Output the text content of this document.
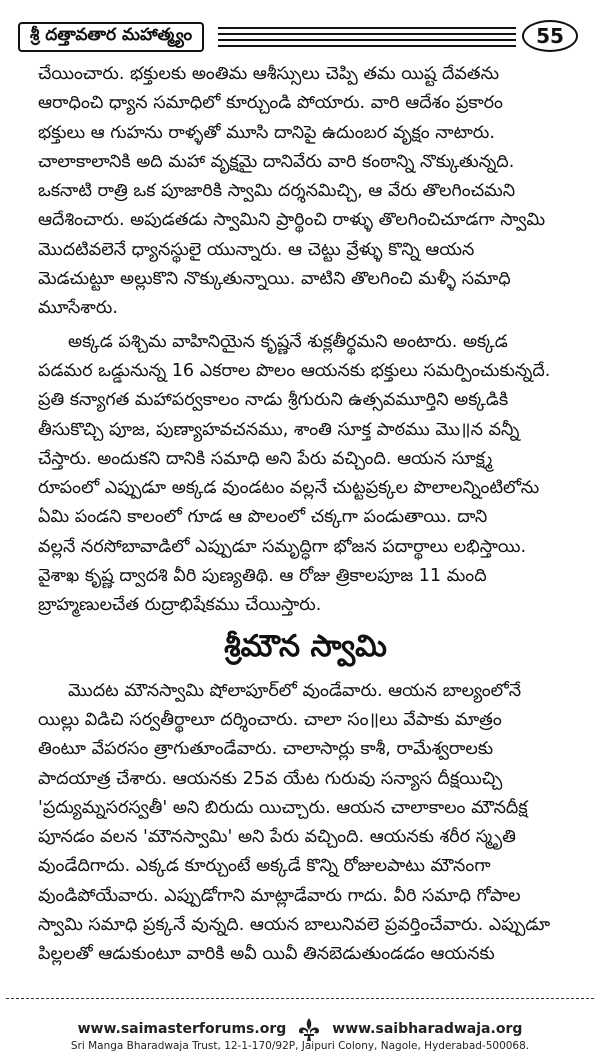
శ్రీ దత్తావతార మహాత్మ్యం	55

చేయించారు. భక్తులకు అంతిమ ఆశీస్సులు చెప్పి తమ యిష్ట దేవతను

ఆరాధించి ధ్యాన సమాధిలో కూర్చుండి పోయారు. వారి ఆదేశం ప్రకారం

భక్తులు ఆ గుహను రాళ్ళతో మూసి దానిపై ఉదుంబర వృక్షం నాటారు.

చాలాకాలానికి అది మహా వృక్షమై దానివేరు వారి కంఠాన్ని నొక్కుతున్నది.

ఒకనాటి రాత్రి ఒక పూజారికి స్వామి దర్శనమిచ్చి, ఆ వేరు తొలగించమని

ఆదేశించారు. అపుడతడు స్వామిని ప్రార్థించి రాళ్ళు తొలగించిచూడగా స్వామి

మొదటివలెనే ధ్యానస్థులై యున్నారు. ఆ చెట్టు వ్రేళ్ళు కొన్ని ఆయన

మెడచుట్టూ అల్లుకొని నొక్కుతున్నాయి. వాటిని తొలగించి మళ్ళీ సమాధి

మూసేశారు.

అక్కడ పశ్చిమ వాహినియైన కృష్ణనే శుక్లతీర్థమని అంటారు. అక్కడ

పడమర ఒడ్డునున్న 16 ఎకరాల పొలం ఆయనకు భక్తులు సమర్పించుకున్నదే.

ప్రతి కన్యాగత మహాపర్వకాలం నాడు శ్రీగురుని ఉత్సవమూర్తిని అక్కడికి

తీసుకొచ్చి పూజ, పుణ్యాహవచనము, శాంతి సూక్త పాఠము మొ॥న వన్నీ

చేస్తారు. అందుకని దానికి సమాధి అని పేరు వచ్చింది. ఆయన సూక్ష్మ

రూపంలో ఎప్పుడూ అక్కడ వుండటం వల్లనే చుట్టప్రక్కల పొలాలన్నింటిలోను

ఏమి పండని కాలంలో గూడ ఆ పొలంలో చక్కగా పండుతాయి. దాని

వల్లనే నరసోబావాడిలో ఎప్పుడూ సమృద్ధిగా భోజన పదార్థాలు లభిస్తాయి.

వైశాఖ కృష్ణ ద్వాదశి వీరి పుణ్యతిథి. ఆ రోజు త్రికాలపూజ 11 మంది

బ్రాహ్మణులచేత రుద్రాభిషేకము చేయిస్తారు.

శ్రీమౌన స్వామి

మొదట మౌనస్వామి షోలాపూర్‌లో వుండేవారు. ఆయన బాల్యంలోనే

యిల్లు విడిచి సర్వతీర్థాలూ దర్శించారు. చాలా సం॥లు వేపాకు మాత్రం

తింటూ వేపరసం త్రాగుతూండేవారు. చాలాసార్లు కాశీ, రామేశ్వరాలకు

పాదయాత్ర చేశారు. ఆయనకు 25వ యేట గురువు సన్యాస దీక్షయిచ్చి

'ప్రద్యుమ్నసరస్వతీ' అని బిరుదు యిచ్చారు. ఆయన చాలాకాలం మౌనదీక్ష

పూనడం వలన 'మౌనస్వామి' అని పేరు వచ్చింది. ఆయనకు శరీర స్మృతి

వుండేదిగాదు. ఎక్కడ కూర్చుంటే అక్కడే కొన్ని రోజులపాటు మౌనంగా

వుండిపోయేవారు. ఎప్పుడోగాని మాట్లాడేవారు గాదు. వీరి సమాధి గోపాల

స్వామి సమాధి ప్రక్కనే వున్నది. ఆయన బాలునివలె ప్రవర్తించేవారు. ఎప్పుడూ

పిల్లలతో ఆడుకుంటూ వారికి అవీ యివీ తినబెడుతుండడం ఆయనకు

www.saimasterforums.org	www.saibharadwaja.org
Sri Manga Bharadwaja Trust, 12-1-170/92P, Jaipuri Colony, Nagole, Hyderabad-500068.
